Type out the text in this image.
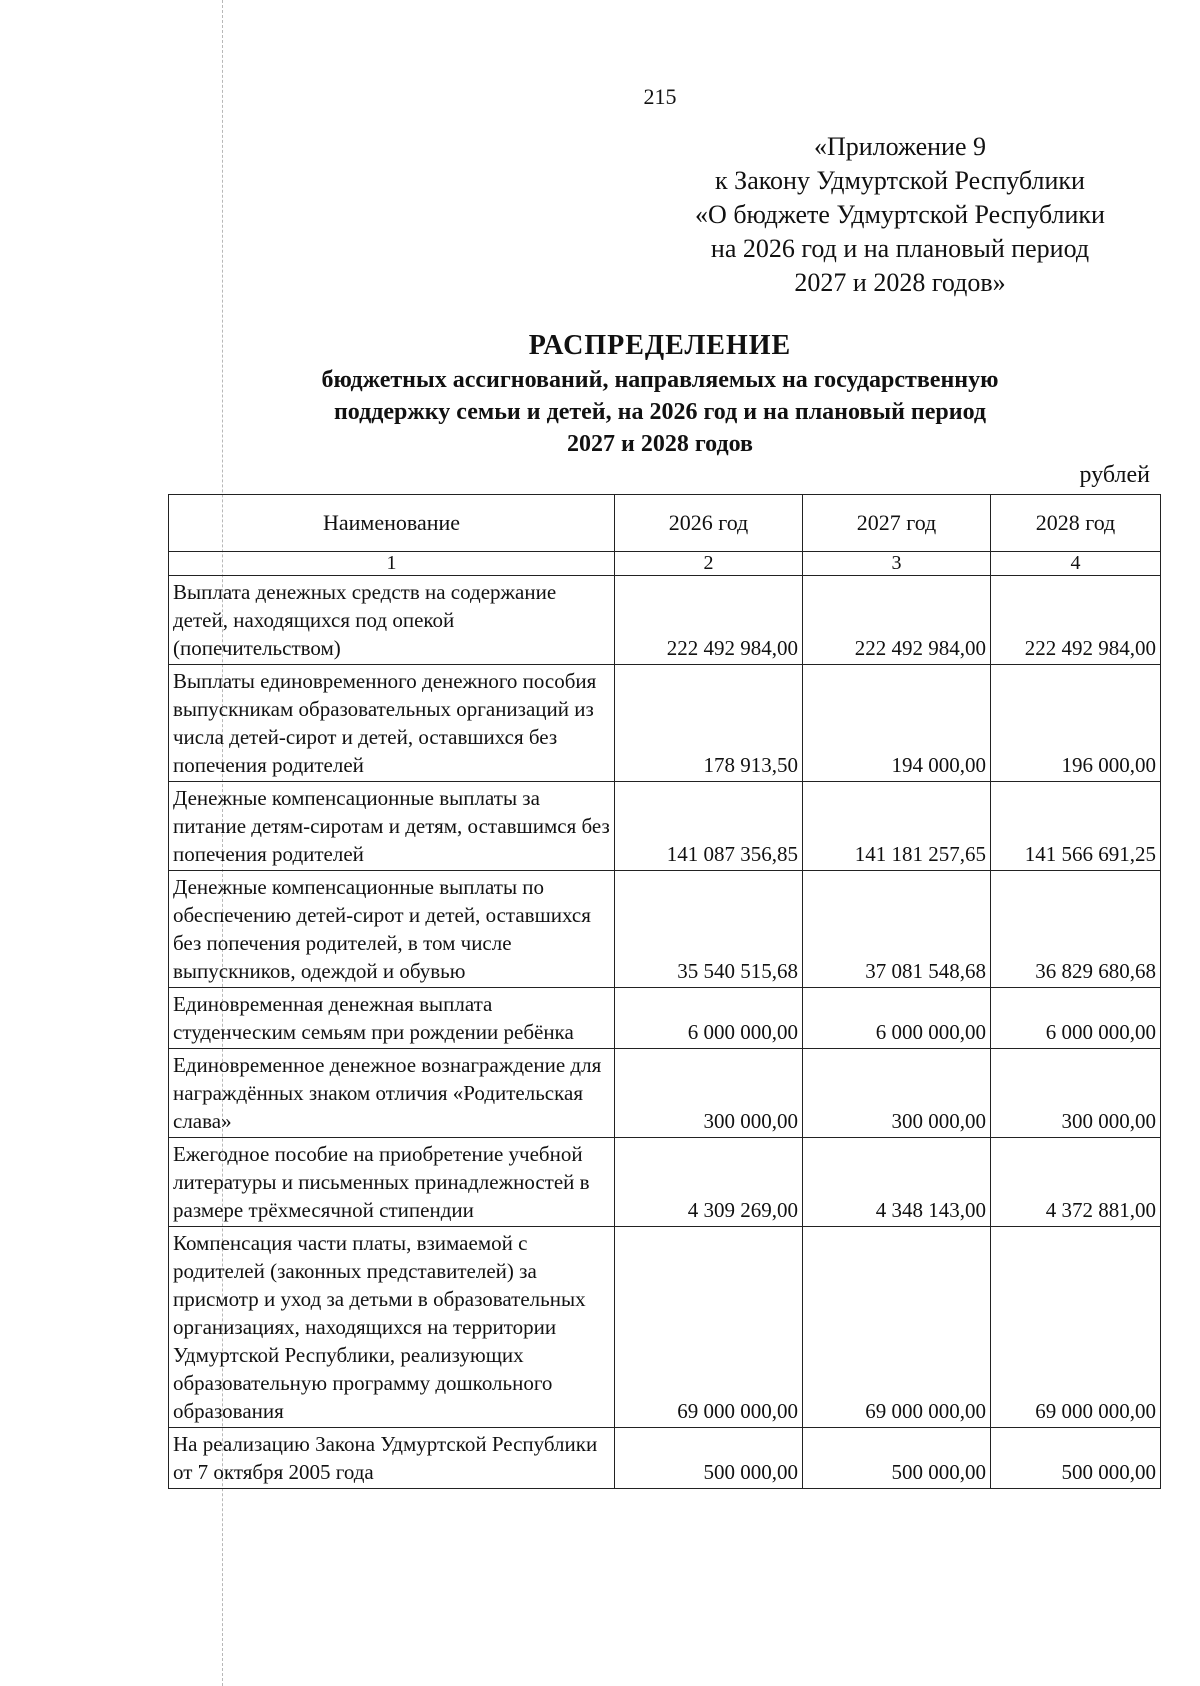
215
«Приложение 9
к Закону Удмуртской Республики
«О бюджете Удмуртской Республики
на 2026 год и на плановый период
2027 и 2028 годов»
РАСПРЕДЕЛЕНИЕ
бюджетных ассигнований, направляемых на государственную
поддержку семьи и детей, на 2026 год и на плановый период
2027 и 2028 годов
рублей
Наименование	2026 год	2027 год	2028 год
1	2	3	4
Выплата денежных средств на содержание детей, находящихся под опекой (попечительством)	222 492 984,00	222 492 984,00	222 492 984,00
Выплаты единовременного денежного пособия выпускникам образовательных организаций из числа детей-сирот и детей, оставшихся без попечения родителей	178 913,50	194 000,00	196 000,00
Денежные компенсационные выплаты за питание детям-сиротам и детям, оставшимся без попечения родителей	141 087 356,85	141 181 257,65	141 566 691,25
Денежные компенсационные выплаты по обеспечению детей-сирот и детей, оставшихся без попечения родителей, в том числе выпускников, одеждой и обувью	35 540 515,68	37 081 548,68	36 829 680,68
Единовременная денежная выплата студенческим семьям при рождении ребёнка	6 000 000,00	6 000 000,00	6 000 000,00
Единовременное денежное вознаграждение для награждённых знаком отличия «Родительская слава»	300 000,00	300 000,00	300 000,00
Ежегодное пособие на приобретение учебной литературы и письменных принадлежностей в размере трёхмесячной стипендии	4 309 269,00	4 348 143,00	4 372 881,00
Компенсация части платы, взимаемой с родителей (законных представителей) за присмотр и уход за детьми в образовательных организациях, находящихся на территории Удмуртской Республики, реализующих образовательную программу дошкольного образования	69 000 000,00	69 000 000,00	69 000 000,00
На реализацию Закона Удмуртской Республики от 7 октября 2005 года	500 000,00	500 000,00	500 000,00
